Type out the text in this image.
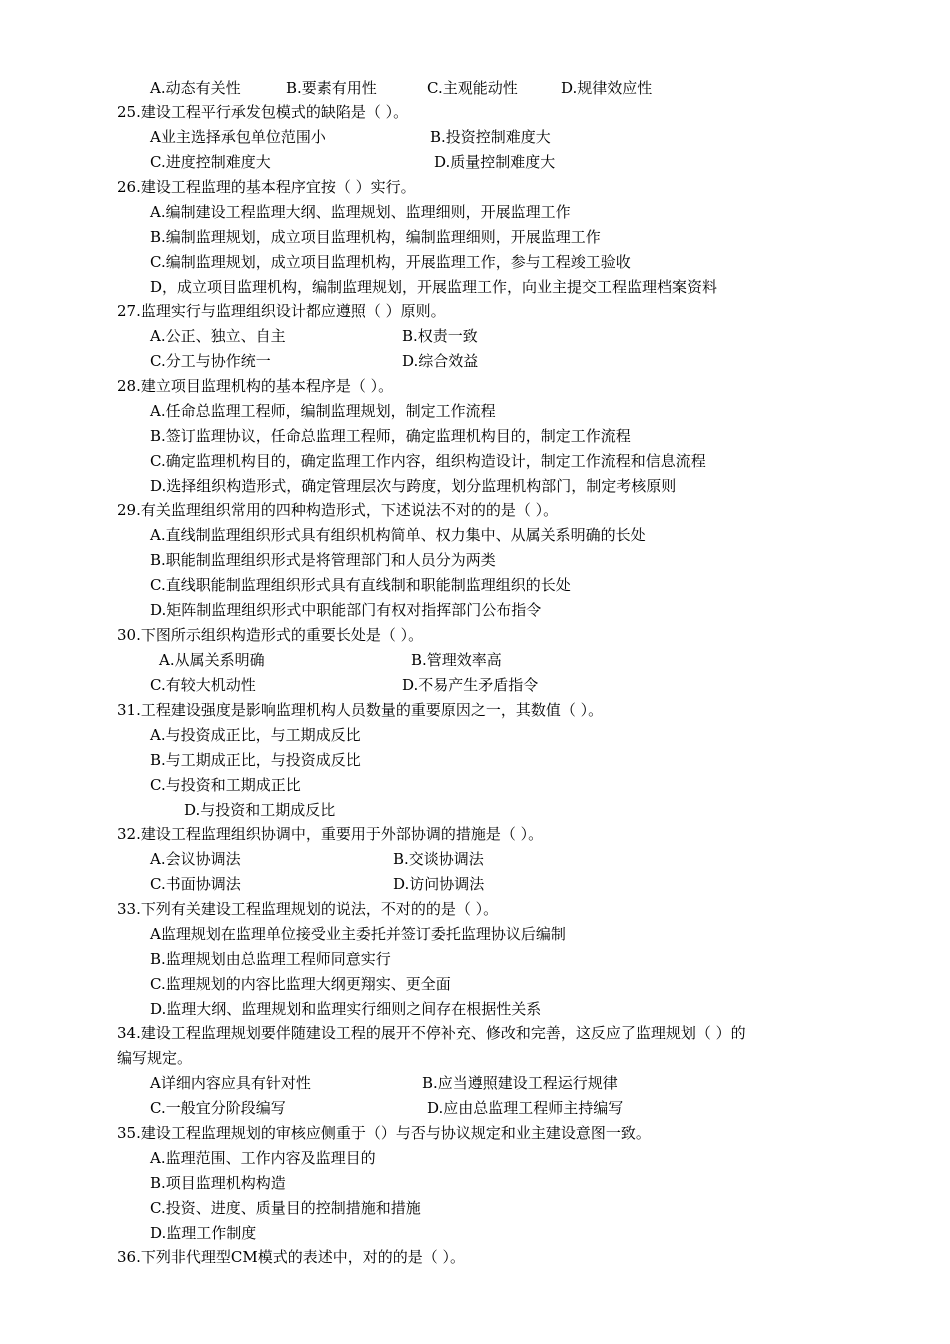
A.动态有关性	B.要素有用性	C.主观能动性	D.规律效应性
25.建设工程平行承发包模式的缺陷是（ ）。
A业主选择承包单位范围小	B.投资控制难度大
C.进度控制难度大	D.质量控制难度大
26.建设工程监理的基本程序宜按（ ）实行。
A.编制建设工程监理大纲、监理规划、监理细则，开展监理工作
B.编制监理规划，成立项目监理机构，编制监理细则，开展监理工作
C.编制监理规划，成立项目监理机构，开展监理工作，参与工程竣工验收
D，成立项目监理机构，编制监理规划，开展监理工作，向业主提交工程监理档案资料
27.监理实行与监理组织设计都应遵照（ ）原则。
A.公正、独立、自主	B.权责一致
C.分工与协作统一	D.综合效益
28.建立项目监理机构的基本程序是（ ）。
A.任命总监理工程师，编制监理规划，制定工作流程
B.签订监理协议，任命总监理工程师，确定监理机构目的，制定工作流程
C.确定监理机构目的，确定监理工作内容，组织构造设计，制定工作流程和信息流程
D.选择组织构造形式，确定管理层次与跨度，划分监理机构部门，制定考核原则
29.有关监理组织常用的四种构造形式，下述说法不对的的是（ ）。
A.直线制监理组织形式具有组织机构简单、权力集中、从属关系明确的长处
B.职能制监理组织形式是将管理部门和人员分为两类
C.直线职能制监理组织形式具有直线制和职能制监理组织的长处
D.矩阵制监理组织形式中职能部门有权对指挥部门公布指令
30.下图所示组织构造形式的重要长处是（ ）。
A.从属关系明确	B.管理效率高
C.有较大机动性	D.不易产生矛盾指令
31.工程建设强度是影响监理机构人员数量的重要原因之一，其数值（ ）。
A.与投资成正比，与工期成反比
B.与工期成正比，与投资成反比
C.与投资和工期成正比
D.与投资和工期成反比
32.建设工程监理组织协调中，重要用于外部协调的措施是（ ）。
A.会议协调法	B.交谈协调法
C.书面协调法	D.访问协调法
33.下列有关建设工程监理规划的说法，不对的的是（ ）。
A监理规划在监理单位接受业主委托并签订委托监理协议后编制
B.监理规划由总监理工程师同意实行
C.监理规划的内容比监理大纲更翔实、更全面
D.监理大纲、监理规划和监理实行细则之间存在根据性关系
34.建设工程监理规划要伴随建设工程的展开不停补充、修改和完善，这反应了监理规划（ ）的
编写规定。
A详细内容应具有针对性	B.应当遵照建设工程运行规律
C.一般宜分阶段编写	D.应由总监理工程师主持编写
35.建设工程监理规划的审核应侧重于（）与否与协议规定和业主建设意图一致。
A.监理范围、工作内容及监理目的
B.项目监理机构构造
C.投资、进度、质量目的控制措施和措施
D.监理工作制度
36.下列非代理型CM模式的表述中，对的的是（ ）。
